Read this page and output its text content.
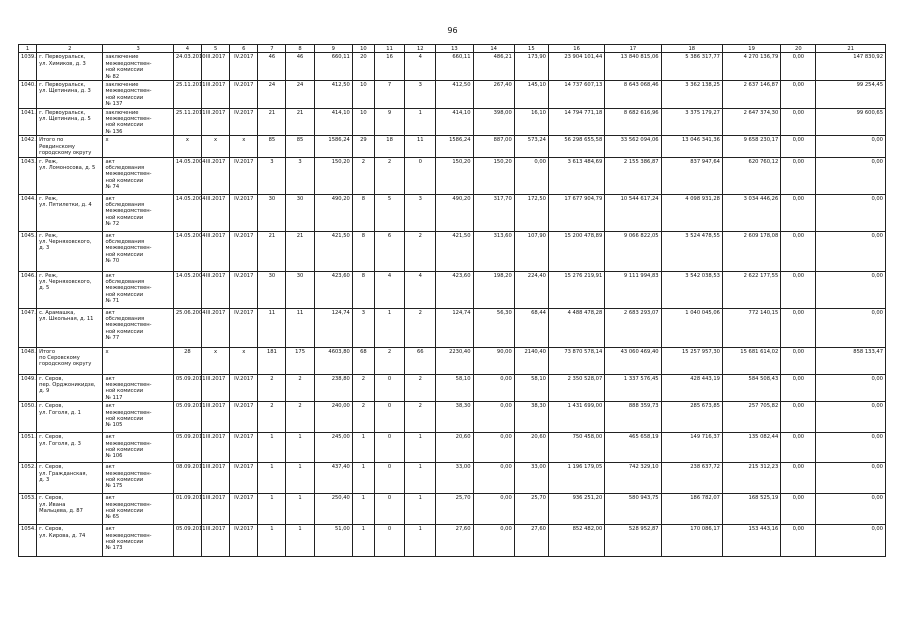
96
1	2	3	4	5	6	7	8	9	10	11	12	13	14	15	16	17	18	19	20	21
1039.	г. Первоуральск,
ул. Химиков, д. 3	заключение
межведомствен-
ной комиссии
№ 82	24.03.2010	III.2017	IV.2017	46	46	660,11	20	16	4	660,11	486,21	173,90	23 904 101,44	13 840 815,06	5 386 317,77	4 270 136,79	0,00	147 830,92
1040.	г. Первоуральск,
ул. Щетинина, д. 3	заключение
межведомствен-
ной комиссии
№ 137	25.11.2011	III.2017	IV.2017	24	24	412,50	10	7	3	412,50	267,40	145,10	14 737 607,13	8 643 068,46	3 362 138,25	2 637 146,87	0,00	99 254,45
1041.	г. Первоуральск,
ул. Щетинина, д. 5	заключение
межведомствен-
ной комиссии
№ 136	25.11.2011	III.2017	IV.2017	21	21	414,10	10	9	1	414,10	398,00	16,10	14 794 771,18	8 682 616,96	3 375 179,27	2 647 374,30	0,00	99 600,65
1042.	Итого по
Ревдинскому
городскому округу	х	х	х	х	85	85	1586,24	29	18	11	1586,24	887,00	573,24	56 298 655,58	33 562 094,06	13 046 341,36	9 658 230,17	0,00	0,00
1043.	г. Реж,
ул. Ломоносова, д. 5	акт
обследования
межведомствен-
ной комиссии
№ 74	14.05.2004	III.2017	IV.2017	3	3	150,20	2	2	0	150,20	150,20	0,00	3 613 484,69	2 155 386,87	837 947,64	620 760,12	0,00	0,00
1044.	г. Реж,
ул. Пятилетки, д. 4	акт
обследования
межведомствен-
ной комиссии
№ 72	14.05.2004	III.2017	IV.2017	30	30	490,20	8	5	3	490,20	317,70	172,50	17 677 904,79	10 544 617,24	4 098 931,28	3 034 446,26	0,00	0,00
1045.	г. Реж,
ул. Черняховского,
д. 3	акт
обследования
межведомствен-
ной комиссии
№ 70	14.05.2004	III.2017	IV.2017	21	21	421,50	8	6	2	421,50	313,60	107,90	15 200 478,89	9 066 822,05	3 524 478,55	2 609 178,08	0,00	0,00
1046.	г. Реж,
ул. Черняховского,
д. 5	акт
обследования
межведомствен-
ной комиссии
№ 71	14.05.2004	III.2017	IV.2017	30	30	423,60	8	4	4	423,60	198,20	224,40	15 276 219,91	9 111 994,83	3 542 038,53	2 622 177,55	0,00	0,00
1047.	с. Арамашка,
ул. Школьная, д. 11	акт
обследования
межведомствен-
ной комиссии
№ 77	25.06.2004	III.2017	IV.2017	11	11	124,74	3	1	2	124,74	56,30	68,44	4 488 478,28	2 683 293,07	1 040 045,06	772 140,15	0,00	0,00
1048.	Итого
по Серовскому
городскому округу	х	28	х	х	181	175	4603,80	68	2	66	2230,40	90,00	2140,40	73 870 578,14	43 060 469,40	15 257 957,30	15 681 614,02	0,00	858 133,47
1049.	г. Серов,
пер. Орджоникидзе,
д. 9	акт
межведомствен-
ной комиссии
№ 117	05.09.2011	III.2017	IV.2017	2	2	238,80	2	0	2	58,10	0,00	58,10	2 350 528,07	1 337 576,45	428 443,19	584 508,43	0,00	0,00
1050.	г. Серов,
ул. Гоголя, д. 1	акт
межведомствен-
ной комиссии
№ 105	05.09.2011	III.2017	IV.2017	2	2	240,00	2	0	2	38,30	0,00	38,30	1 431 699,00	888 359,73	285 673,85	257 705,82	0,00	0,00
1051.	г. Серов,
ул. Гоголя, д. 3	акт
межведомствен-
ной комиссии
№ 106	05.09.2011	III.2017	IV.2017	1	1	245,00	1	0	1	20,60	0,00	20,60	750 458,00	465 658,19	149 716,37	135 082,44	0,00	0,00
1052.	г. Серов,
ул. Гражданская,
д. 3	акт
межведомствен-
ной комиссии
№ 175	08.09.2011	III.2017	IV.2017	1	1	437,40	1	0	1	33,00	0,00	33,00	1 196 179,05	742 329,10	238 637,72	215 312,23	0,00	0,00
1053.	г. Серов,
ул. Ивана
Мальцева, д. 87	акт
межведомствен-
ной комиссии
№ 65	01.09.2011	III.2017	IV.2017	1	1	250,40	1	0	1	25,70	0,00	25,70	936 251,20	580 943,75	186 782,07	168 525,19	0,00	0,00
1054.	г. Серов,
ул. Кирова, д. 74	акт
межведомствен-
ной комиссии
№ 173	05.09.2011	III.2017	IV.2017	1	1	51,00	1	0	1	27,60	0,00	27,60	852 482,00	528 952,87	170 086,17	153 443,16	0,00	0,00
